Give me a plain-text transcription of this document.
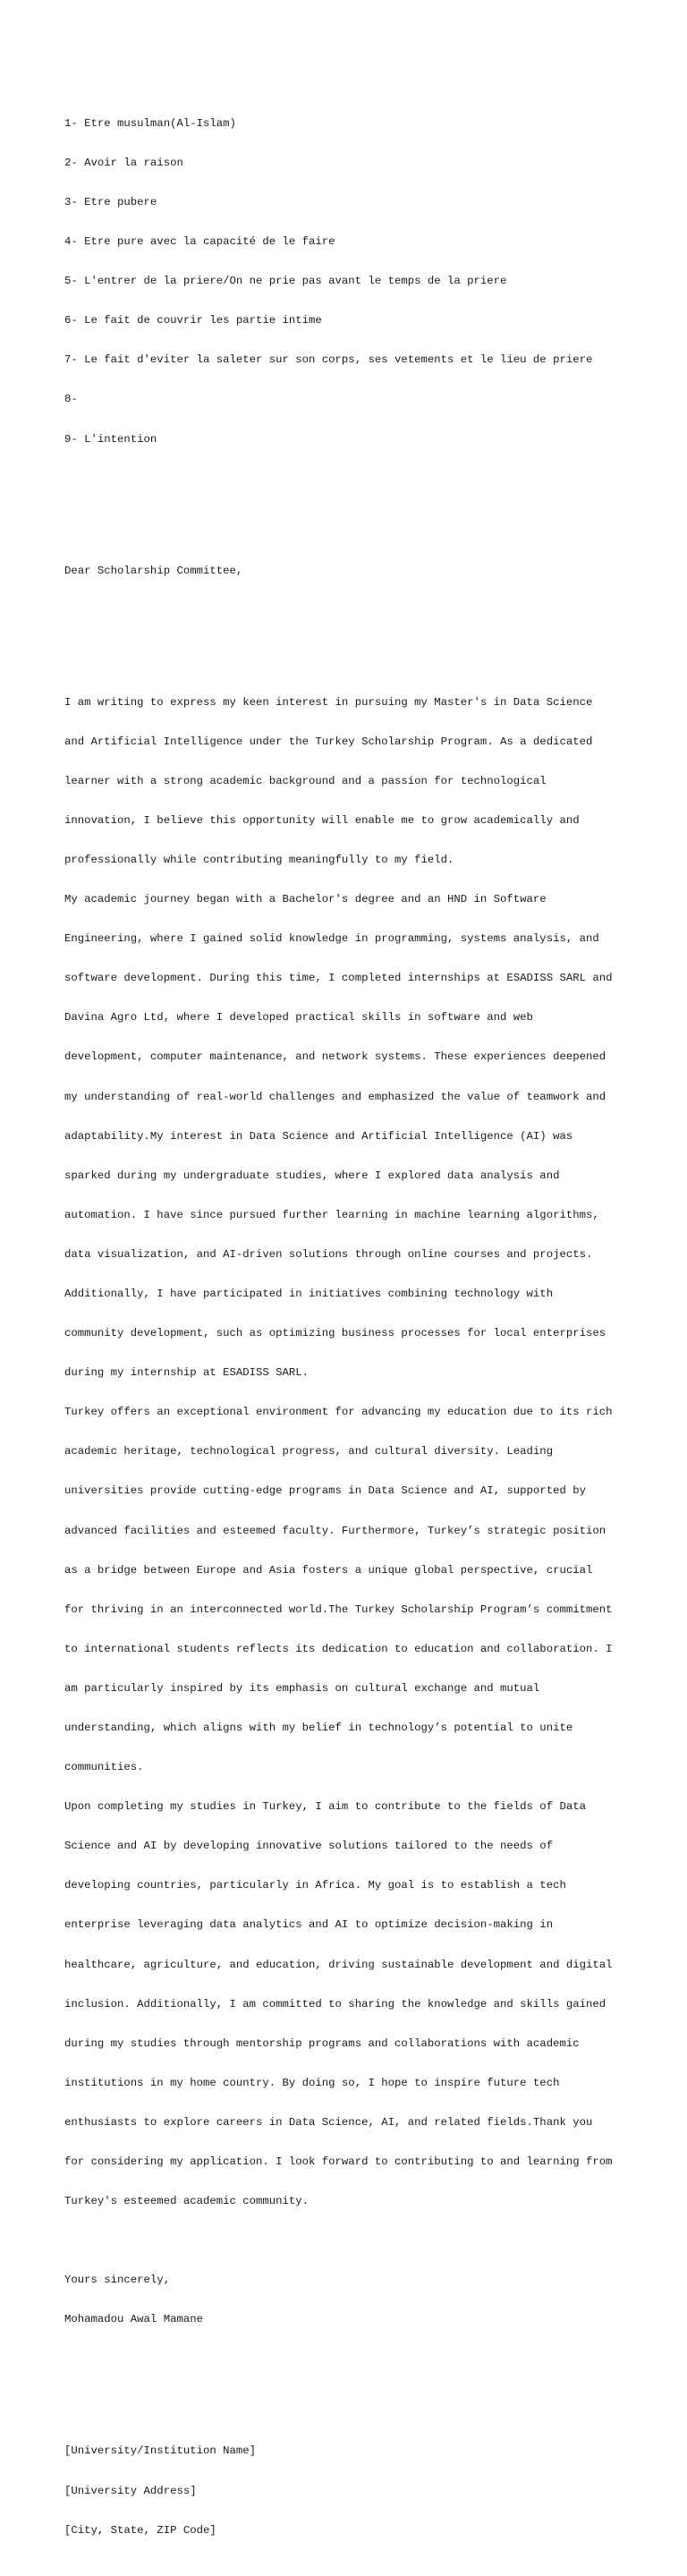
1- Etre musulman(Al-Islam)

2- Avoir la raison

3- Etre pubere

4- Etre pure avec la capacité de le faire

5- L'entrer de la priere/On ne prie pas avant le temps de la priere

6- Le fait de couvrir les partie intime

7- Le fait d'eviter la saleter sur son corps, ses vetements et le lieu de priere

8-

9- L'intention

Dear Scholarship Committee,

I am writing to express my keen interest in pursuing my Master's in Data Science

and Artificial Intelligence under the Turkey Scholarship Program. As a dedicated

learner with a strong academic background and a passion for technological

innovation, I believe this opportunity will enable me to grow academically and

professionally while contributing meaningfully to my field.

My academic journey began with a Bachelor's degree and an HND in Software

Engineering, where I gained solid knowledge in programming, systems analysis, and

software development. During this time, I completed internships at ESADISS SARL and

Davina Agro Ltd, where I developed practical skills in software and web

development, computer maintenance, and network systems. These experiences deepened

my understanding of real-world challenges and emphasized the value of teamwork and

adaptability.My interest in Data Science and Artificial Intelligence (AI) was

sparked during my undergraduate studies, where I explored data analysis and

automation. I have since pursued further learning in machine learning algorithms,

data visualization, and AI-driven solutions through online courses and projects.

Additionally, I have participated in initiatives combining technology with

community development, such as optimizing business processes for local enterprises

during my internship at ESADISS SARL.

Turkey offers an exceptional environment for advancing my education due to its rich

academic heritage, technological progress, and cultural diversity. Leading

universities provide cutting-edge programs in Data Science and AI, supported by

advanced facilities and esteemed faculty. Furthermore, Turkey’s strategic position

as a bridge between Europe and Asia fosters a unique global perspective, crucial

for thriving in an interconnected world.The Turkey Scholarship Program’s commitment

to international students reflects its dedication to education and collaboration. I

am particularly inspired by its emphasis on cultural exchange and mutual

understanding, which aligns with my belief in technology’s potential to unite

communities.

Upon completing my studies in Turkey, I aim to contribute to the fields of Data

Science and AI by developing innovative solutions tailored to the needs of

developing countries, particularly in Africa. My goal is to establish a tech

enterprise leveraging data analytics and AI to optimize decision-making in

healthcare, agriculture, and education, driving sustainable development and digital

inclusion. Additionally, I am committed to sharing the knowledge and skills gained

during my studies through mentorship programs and collaborations with academic

institutions in my home country. By doing so, I hope to inspire future tech

enthusiasts to explore careers in Data Science, AI, and related fields.Thank you

for considering my application. I look forward to contributing to and learning from

Turkey's esteemed academic community.

Yours sincerely,

Mohamadou Awal Mamane

[University/Institution Name]

[University Address]

[City, State, ZIP Code]
